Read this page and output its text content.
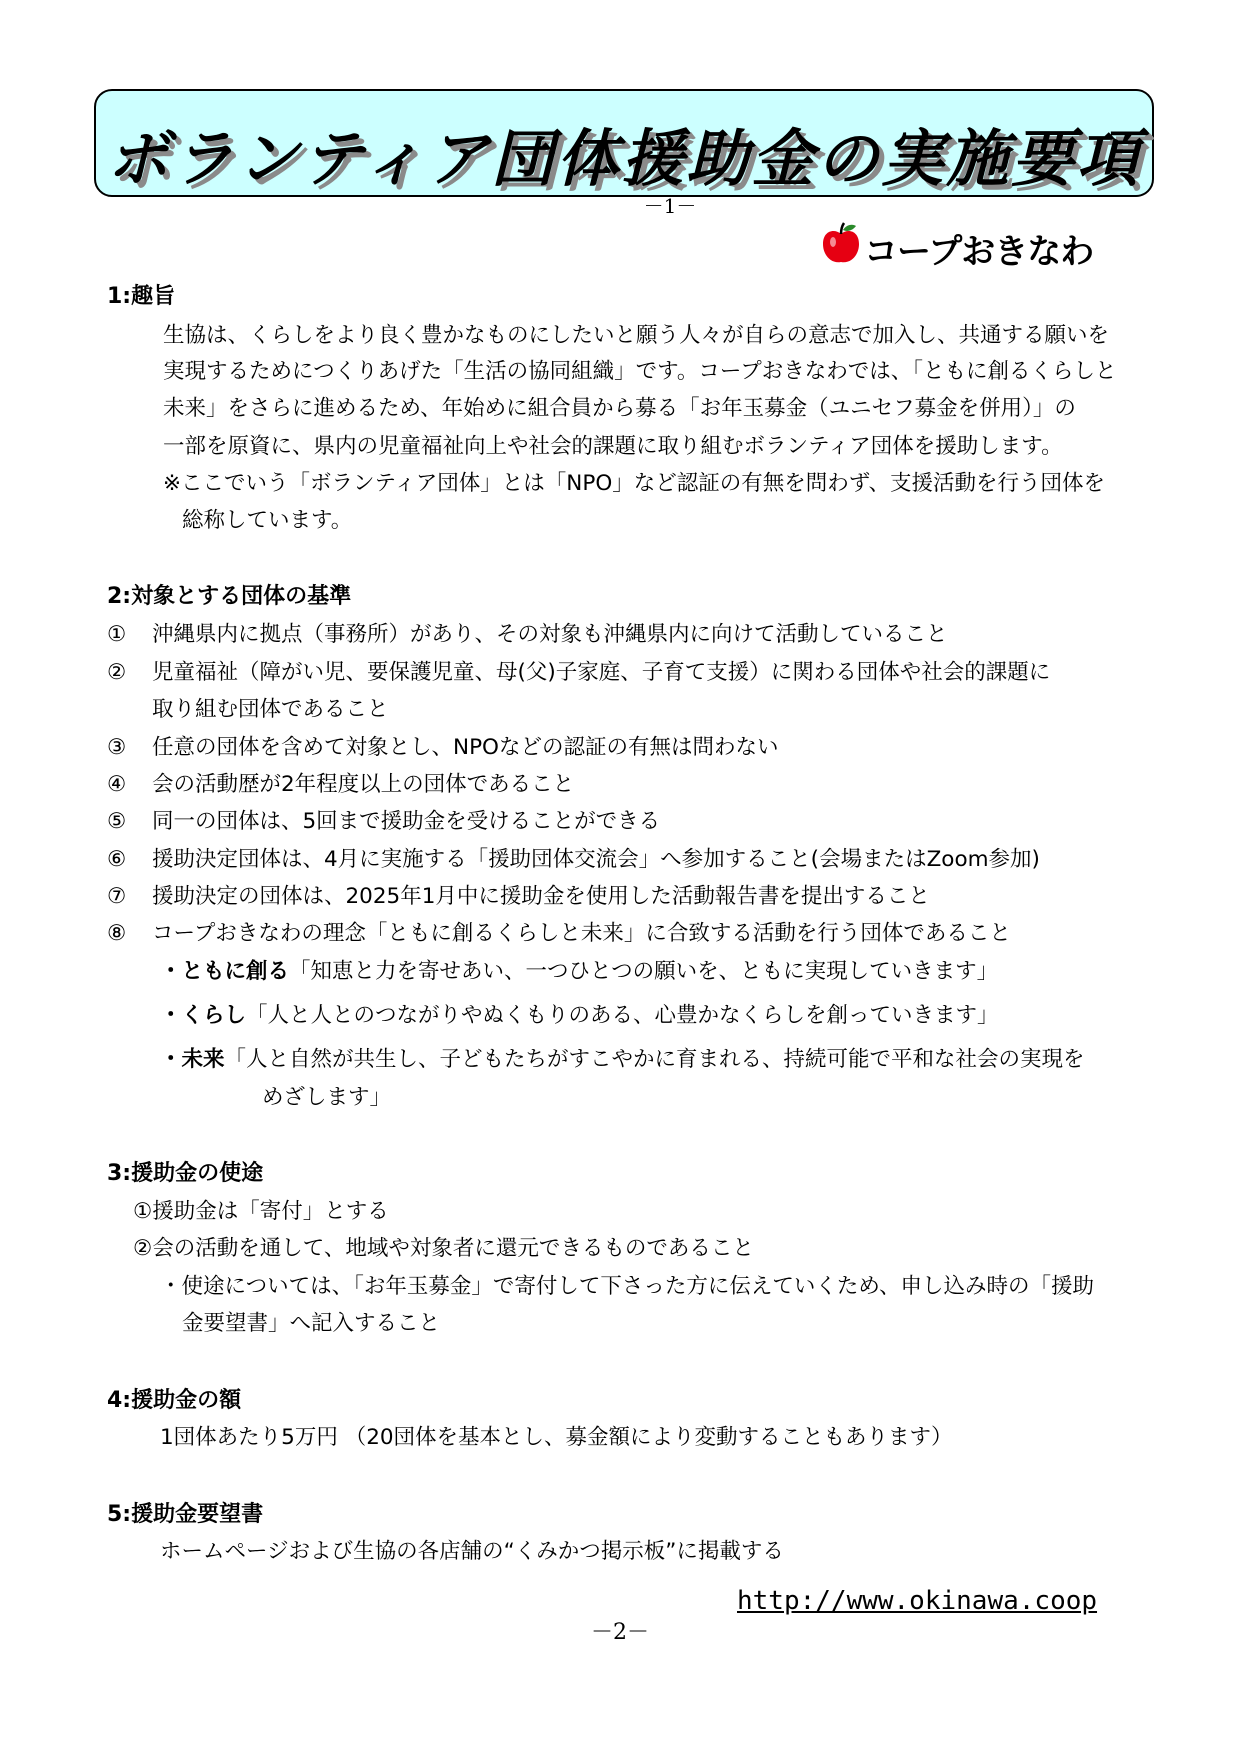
ボランティア団体援助金の実施要項
－1－
コープおきなわ
1:趣旨
生協は、くらしをより良く豊かなものにしたいと願う人々が自らの意志で加入し、共通する願いを
実現するためにつくりあげた「生活の協同組織」です。コープおきなわでは、「ともに創るくらしと
未来」をさらに進めるため、年始めに組合員から募る「お年玉募金（ユニセフ募金を併用）」の
一部を原資に、県内の児童福祉向上や社会的課題に取り組むボランティア団体を援助します。
※ここでいう「ボランティア団体」とは「NPO」など認証の有無を問わず、支援活動を行う団体を
総称しています。
2:対象とする団体の基準
① 沖縄県内に拠点（事務所）があり、その対象も沖縄県内に向けて活動していること
② 児童福祉（障がい児、要保護児童、母(父)子家庭、子育て支援）に関わる団体や社会的課題に
取り組む団体であること
③ 任意の団体を含めて対象とし、NPOなどの認証の有無は問わない
④ 会の活動歴が2年程度以上の団体であること
⑤ 同一の団体は、5回まで援助金を受けることができる
⑥ 援助決定団体は、4月に実施する「援助団体交流会」へ参加すること(会場またはZoom参加)
⑦ 援助決定の団体は、2025年1月中に援助金を使用した活動報告書を提出すること
⑧ コープおきなわの理念「ともに創るくらしと未来」に合致する活動を行う団体であること
・ともに創る「知恵と力を寄せあい、一つひとつの願いを、ともに実現していきます」
・くらし「人と人とのつながりやぬくもりのある、心豊かなくらしを創っていきます」
・未来「人と自然が共生し、子どもたちがすこやかに育まれる、持続可能で平和な社会の実現を
めざします」
3:援助金の使途
①援助金は「寄付」とする
②会の活動を通して、地域や対象者に還元できるものであること
・使途については、「お年玉募金」で寄付して下さった方に伝えていくため、申し込み時の「援助
金要望書」へ記入すること
4:援助金の額
1団体あたり5万円 （20団体を基本とし、募金額により変動することもあります）
5:援助金要望書
ホームページおよび生協の各店舗の“くみかつ掲示板”に掲載する
http://www.okinawa.coop
－2－
